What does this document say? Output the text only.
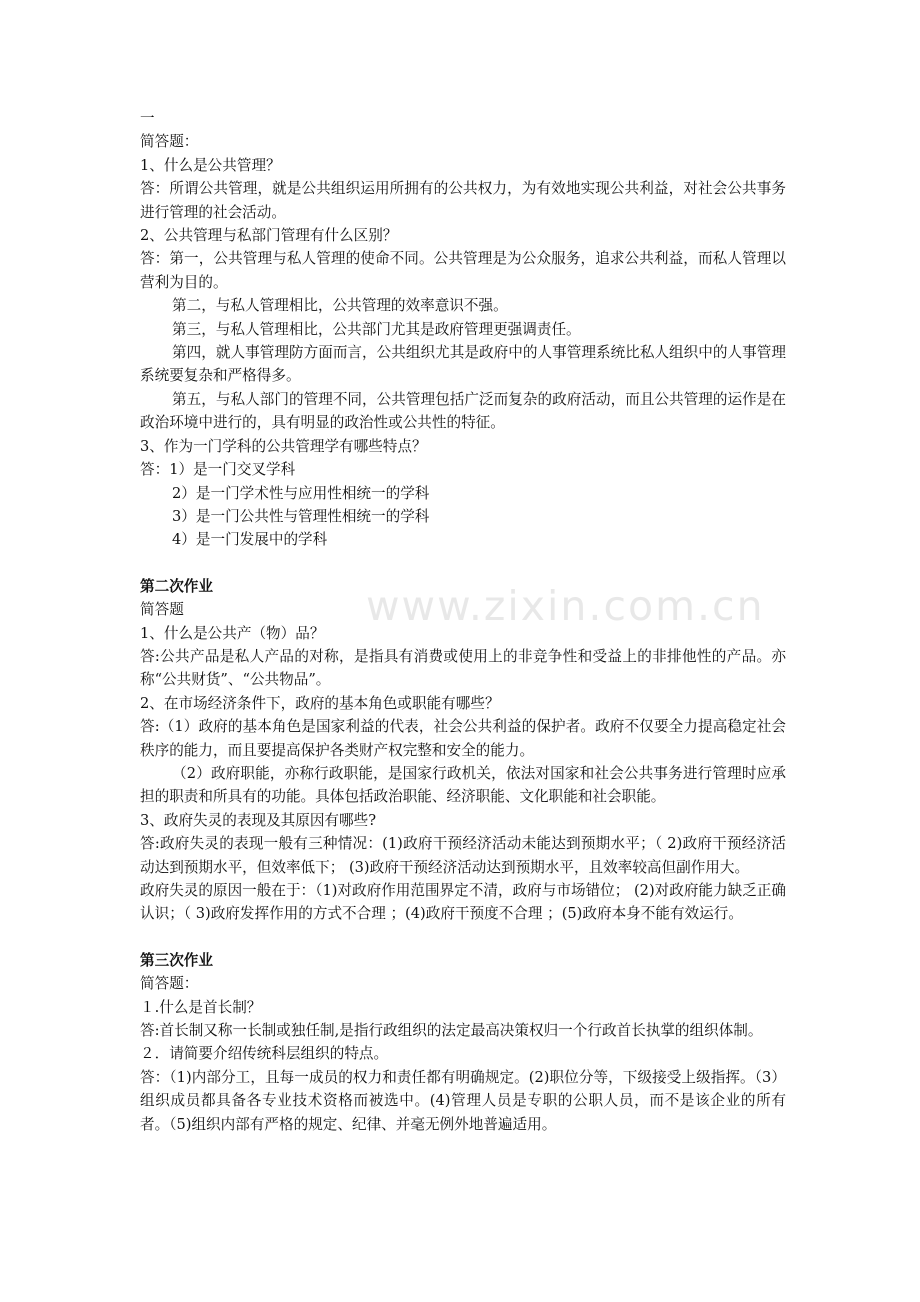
www.zixin.com.cn
一
简答题：
1、什么是公共管理？
答：所谓公共管理，就是公共组织运用所拥有的公共权力，为有效地实现公共利益，对社会公共事务进行管理的社会活动。
2、公共管理与私部门管理有什么区别？
答：第一，公共管理与私人管理的使命不同。公共管理是为公众服务，追求公共利益，而私人管理以营利为目的。
第二，与私人管理相比，公共管理的效率意识不强。
第三，与私人管理相比，公共部门尤其是政府管理更强调责任。
第四，就人事管理防方面而言，公共组织尤其是政府中的人事管理系统比私人组织中的人事管理系统要复杂和严格得多。
第五，与私人部门的管理不同，公共管理包括广泛而复杂的政府活动，而且公共管理的运作是在政治环境中进行的，具有明显的政治性或公共性的特征。
3、作为一门学科的公共管理学有哪些特点？
答：1）是一门交叉学科
2）是一门学术性与应用性相统一的学科
3）是一门公共性与管理性相统一的学科
4）是一门发展中的学科
第二次作业
简答题
1、什么是公共产（物）品？
答:公共产品是私人产品的对称，是指具有消费或使用上的非竞争性和受益上的非排他性的产品。亦称“公共财货”、“公共物品”。
2、在市场经济条件下，政府的基本角色或职能有哪些？
答:（1）政府的基本角色是国家利益的代表，社会公共利益的保护者。政府不仅要全力提高稳定社会秩序的能力，而且要提高保护各类财产权完整和安全的能力。
（2）政府职能，亦称行政职能，是国家行政机关，依法对国家和社会公共事务进行管理时应承担的职责和所具有的功能。具体包括政治职能、经济职能、文化职能和社会职能。
3、政府失灵的表现及其原因有哪些?
答:政府失灵的表现一般有三种情况：(1)政府干预经济活动未能达到预期水平；（ 2)政府干预经济活动达到预期水平，但效率低下； (3)政府干预经济活动达到预期水平，且效率较高但副作用大。
政府失灵的原因一般在于：（1)对政府作用范围界定不清，政府与市场错位； (2)对政府能力缺乏正确认识；（ 3)政府发挥作用的方式不合理 ；(4)政府干预度不合理 ；(5)政府本身不能有效运行。
第三次作业
简答题：
１.什么是首长制？
答:首长制又称一长制或独任制,是指行政组织的法定最高决策权归一个行政首长执掌的组织体制。
２．请简要介绍传统科层组织的特点。
答：（1)内部分工，且每一成员的权力和责任都有明确规定。(2)职位分等，下级接受上级指挥。（3） 组织成员都具备各专业技术资格而被选中。(4)管理人员是专职的公职人员，而不是该企业的所有者。（5)组织内部有严格的规定、纪律、并毫无例外地普遍适用。
